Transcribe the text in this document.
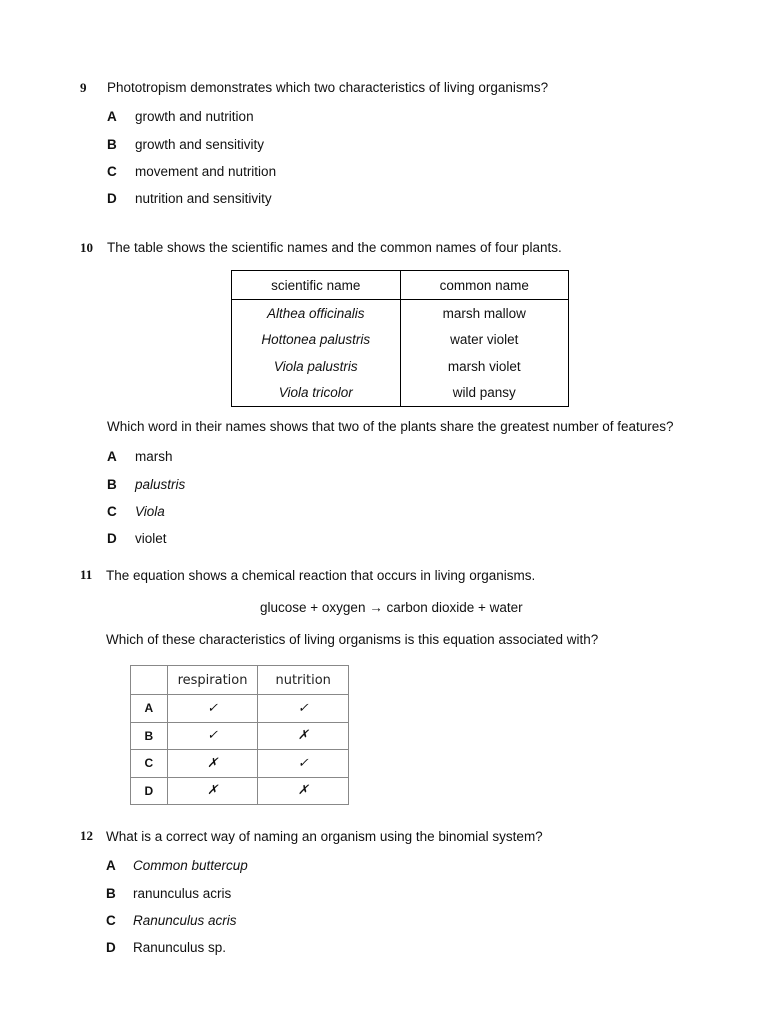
9 Phototropism demonstrates which two characteristics of living organisms?
A growth and nutrition
B growth and sensitivity
C movement and nutrition
D nutrition and sensitivity
10 The table shows the scientific names and the common names of four plants.
scientific name	common name
Althea officinalis	marsh mallow
Hottonea palustris	water violet
Viola palustris	marsh violet
Viola tricolor	wild pansy
Which word in their names shows that two of the plants share the greatest number of features?
A marsh
B palustris
C Viola
D violet
11 The equation shows a chemical reaction that occurs in living organisms.
glucose + oxygen → carbon dioxide + water
Which of these characteristics of living organisms is this equation associated with?
	respiration	nutrition
A	✓	✓
B	✓	✗
C	✗	✓
D	✗	✗
12 What is a correct way of naming an organism using the binomial system?
A Common buttercup
B ranunculus acris
C Ranunculus acris
D Ranunculus sp.
